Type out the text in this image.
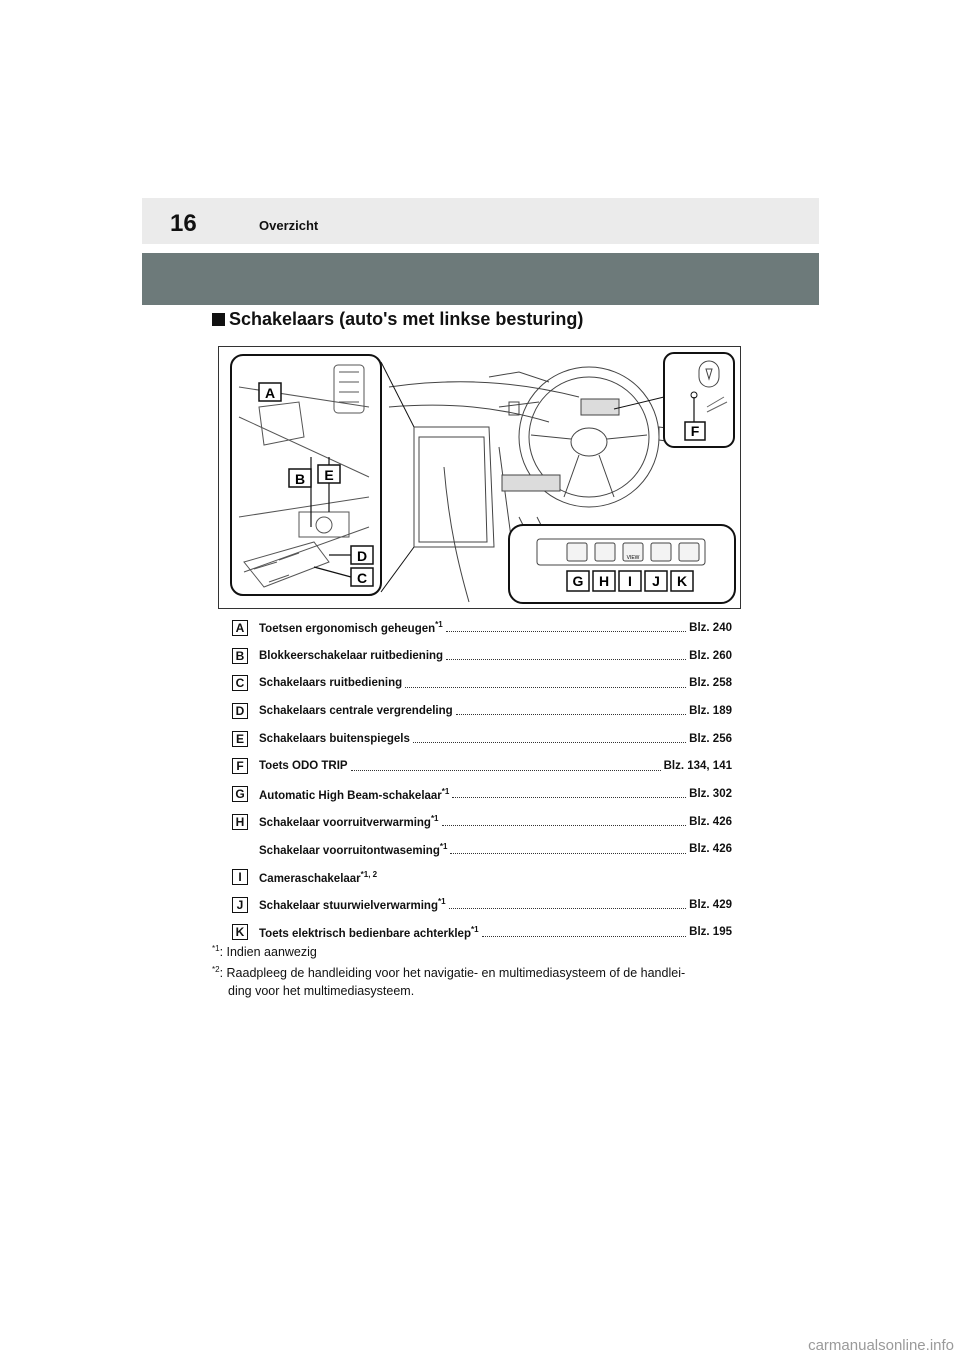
16	Overzicht
Schakelaars (auto's met linkse besturing)
A
B E
D
C
F
VIEW
G H I J K
A	Toetsen ergonomisch geheugen$^{*1}$	Blz. 240
B	Blokkeerschakelaar ruitbediening	Blz. 260
C	Schakelaars ruitbediening	Blz. 258
D	Schakelaars centrale vergrendeling	Blz. 189
E	Schakelaars buitenspiegels	Blz. 256
F	Toets ODO TRIP	Blz. 134, 141
G Automatic High Beam-schakelaar$^{*1}$	Blz. 302
H	Schakelaar voorruitverwarming$^{*1}$	Blz. 426
Schakelaar voorruitontwaseming$^{*1}$	Blz. 426
I	Cameraschakelaar$^{*1, 2}$
J	Schakelaar stuurwielverwarming$^{*1}$	Blz. 429
K	Toets elektrisch bedienbare achterklep$^{*1}$	Blz. 195
$^{*1}$: Indien aanwezig
$^{*2}$: Raadpleeg de handleiding voor het navigatie- en multimediasysteem of de handlei-
ding voor het multimediasysteem.
carmanualsonline.info
